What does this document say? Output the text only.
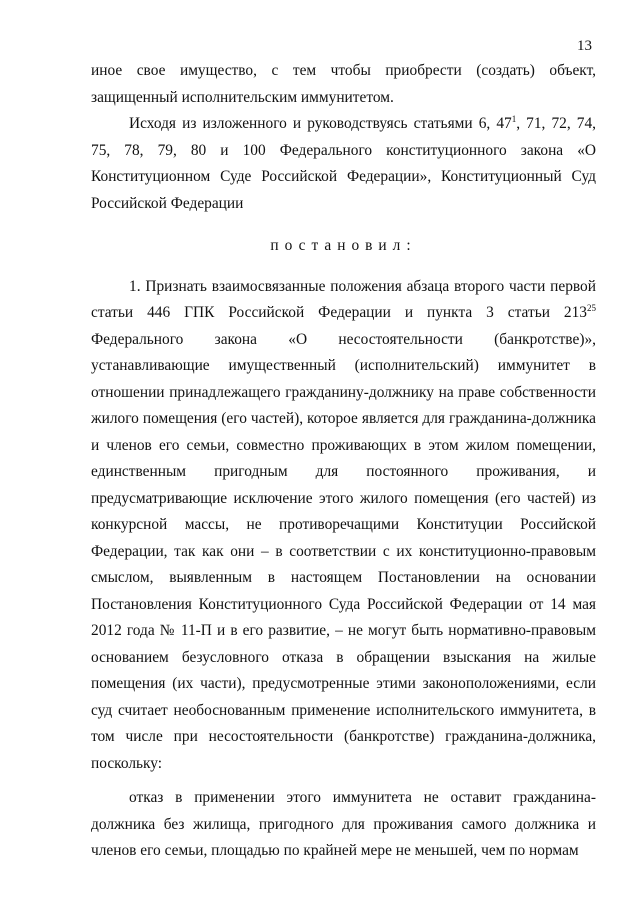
13

иное свое имущество, с тем чтобы приобрести (создать) объект, защищенный исполнительским иммунитетом.

Исходя из изложенного и руководствуясь статьями 6, $47^1$, 71, 72, 74, 75, 78, 79, 80 и 100 Федерального конституционного закона «О Конституционном Суде Российской Федерации», Конституционный Суд Российской Федерации

постановил:

1. Признать взаимосвязанные положения абзаца второго части первой статьи 446 ГПК Российской Федерации и пункта 3 статьи $213^{25}$ Федерального закона «О несостоятельности (банкротстве)», устанавливающие имущественный (исполнительский) иммунитет в отношении принадлежащего гражданину-должнику на праве собственности жилого помещения (его частей), которое является для гражданина-должника и членов его семьи, совместно проживающих в этом жилом помещении, единственным пригодным для постоянного проживания, и предусматривающие исключение этого жилого помещения (его частей) из конкурсной массы, не противоречащими Конституции Российской Федерации, так как они – в соответствии с их конституционно-правовым смыслом, выявленным в настоящем Постановлении на основании Постановления Конституционного Суда Российской Федерации от 14 мая 2012 года № 11-П и в его развитие, – не могут быть нормативно-правовым основанием безусловного отказа в обращении взыскания на жилые помещения (их части), предусмотренные этими законоположениями, если суд считает необоснованным применение исполнительского иммунитета, в том числе при несостоятельности (банкротстве) гражданина-должника, поскольку:

отказ в применении этого иммунитета не оставит гражданина-должника без жилища, пригодного для проживания самого должника и членов его семьи, площадью по крайней мере не меньшей, чем по нормам
